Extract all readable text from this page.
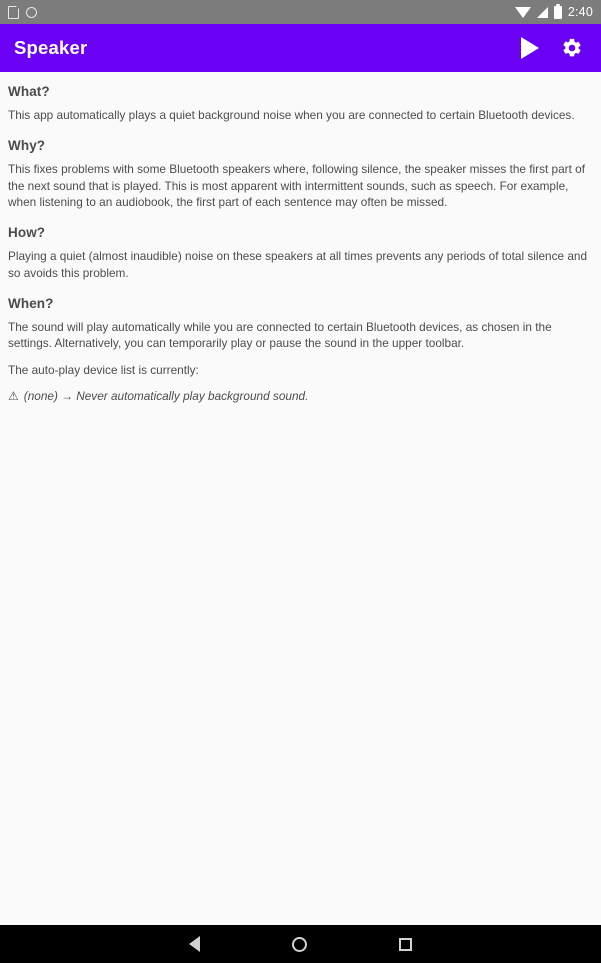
2:40
Speaker
What?

This app automatically plays a quiet background noise when you are connected to certain Bluetooth devices.

Why?

This fixes problems with some Bluetooth speakers where, following silence, the speaker misses the first part of the next sound that is played. This is most apparent with intermittent sounds, such as speech. For example, when listening to an audiobook, the first part of each sentence may often be missed.

How?

Playing a quiet (almost inaudible) noise on these speakers at all times prevents any periods of total silence and so avoids this problem.

When?

The sound will play automatically while you are connected to certain Bluetooth devices, as chosen in the settings. Alternatively, you can temporarily play or pause the sound in the upper toolbar.

The auto-play device list is currently:

⚠ (none) → Never automatically play background sound.
